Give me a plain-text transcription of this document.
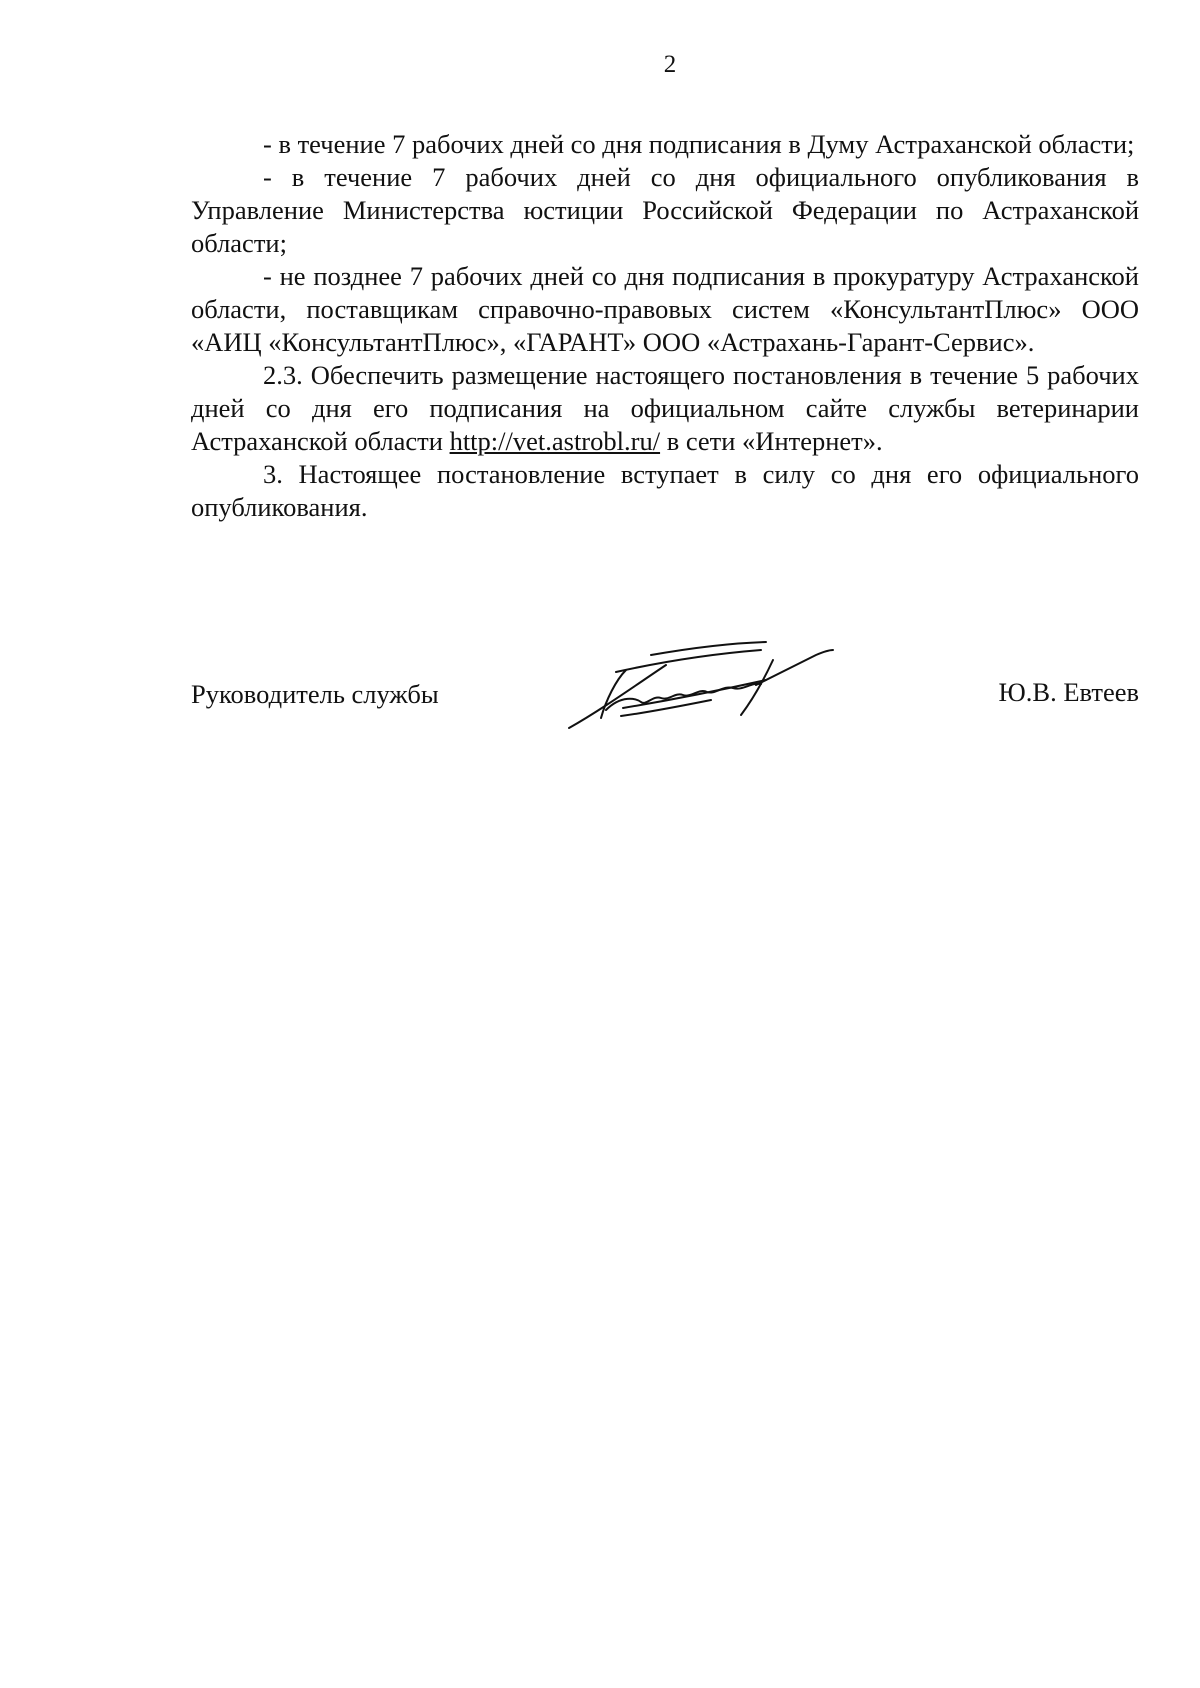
2

- в течение 7 рабочих дней со дня подписания в Думу Астраханской области;

- в течение 7 рабочих дней со дня официального опубликования в Управление Министерства юстиции Российской Федерации по Астраханской области;

- не позднее 7 рабочих дней со дня подписания в прокуратуру Астраханской области, поставщикам справочно-правовых систем «КонсультантПлюс» ООО «АИЦ «КонсультантПлюс», «ГАРАНТ» ООО «Астрахань-Гарант-Сервис».

2.3. Обеспечить размещение настоящего постановления в течение 5 рабочих дней со дня его подписания на официальном сайте службы ветеринарии Астраханской области http://vet.astrobl.ru/ в сети «Интернет».

3. Настоящее постановление вступает в силу со дня его официального опубликования.

Руководитель службы	Ю.В. Евтеев
